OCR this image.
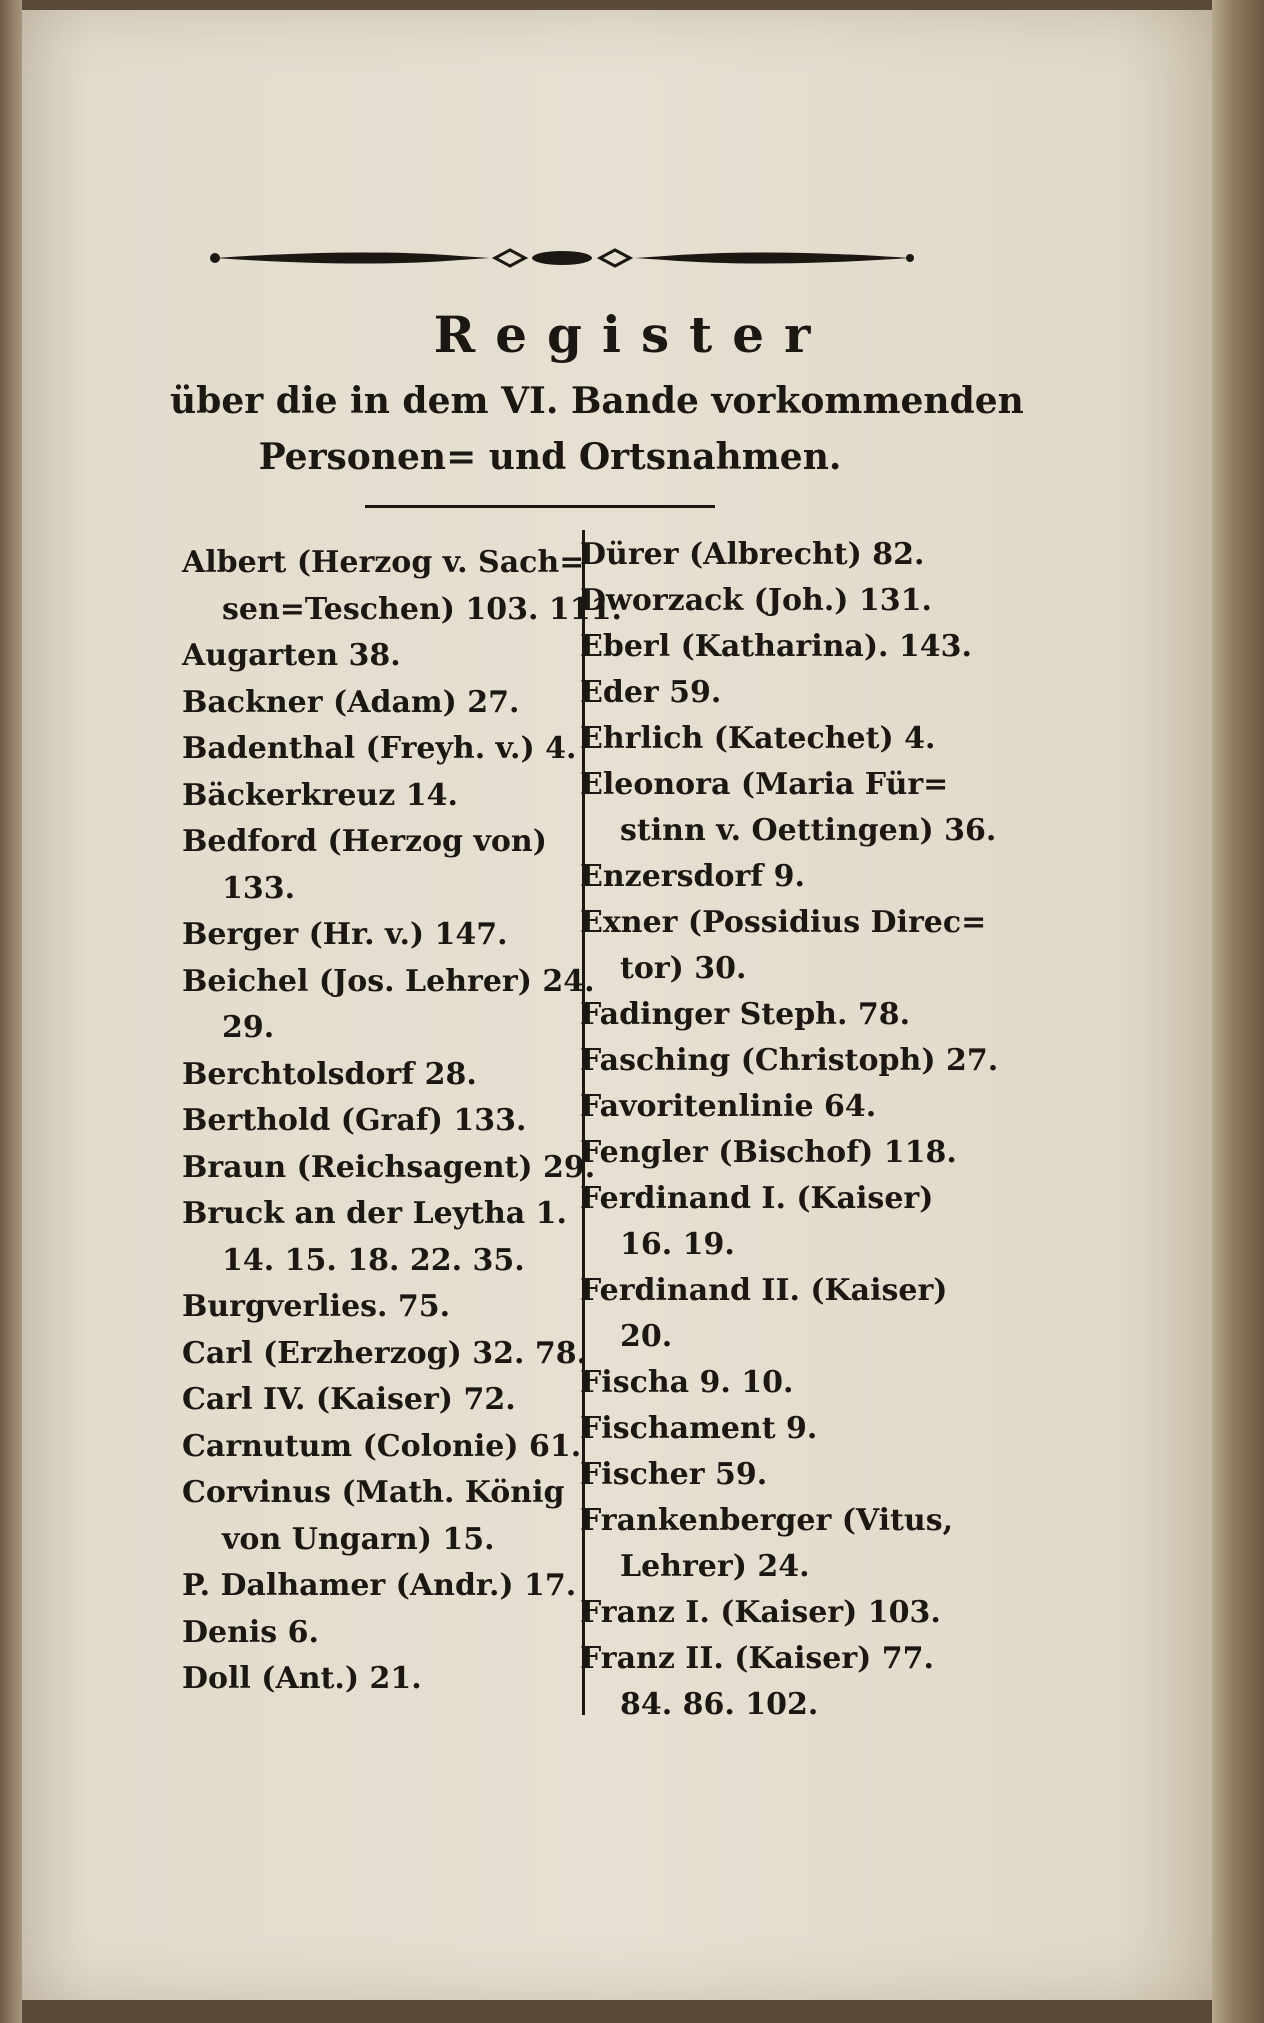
Register
über die in dem VI. Bande vorkommenden
Personen= und Ortsnahmen.
Albert (Herzog v. Sach=
sen=Teschen) 103. 111.
Augarten 38.
Backner (Adam) 27.
Badenthal (Freyh. v.) 4.
Bäckerkreuz 14.
Bedford (Herzog von)
133.
Berger (Hr. v.) 147.
Beichel (Jos. Lehrer) 24.
29.
Berchtolsdorf 28.
Berthold (Graf) 133.
Braun (Reichsagent) 29.
Bruck an der Leytha 1.
14. 15. 18. 22. 35.
Burgverlies. 75.
Carl (Erzherzog) 32. 78.
Carl IV. (Kaiser) 72.
Carnutum (Colonie) 61.
Corvinus (Math. König
von Ungarn) 15.
P. Dalhamer (Andr.) 17.
Denis 6.
Doll (Ant.) 21.
Dürer (Albrecht) 82.
Dworzack (Joh.) 131.
Eberl (Katharina). 143.
Eder 59.
Ehrlich (Katechet) 4.
Eleonora (Maria Für=
stinn v. Oettingen) 36.
Enzersdorf 9.
Exner (Possidius Direc=
tor) 30.
Fadinger Steph. 78.
Fasching (Christoph) 27.
Favoritenlinie 64.
Fengler (Bischof) 118.
Ferdinand I. (Kaiser)
16. 19.
Ferdinand II. (Kaiser)
20.
Fischa 9. 10.
Fischament 9.
Fischer 59.
Frankenberger (Vitus,
Lehrer) 24.
Franz I. (Kaiser) 103.
Franz II. (Kaiser) 77.
84. 86. 102.
